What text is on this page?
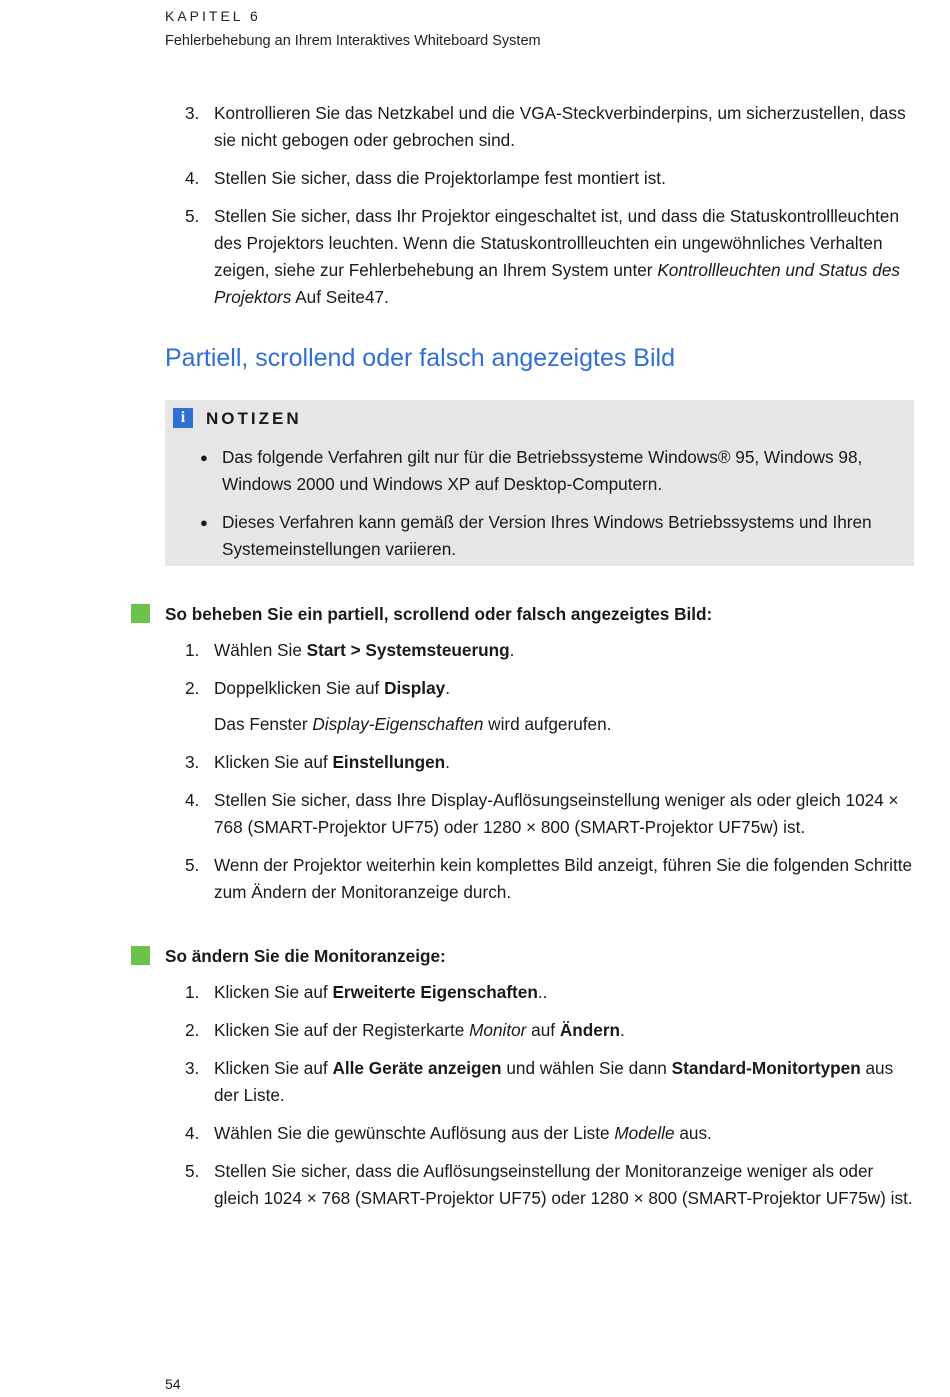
KAPITEL 6
Fehlerbehebung an Ihrem Interaktives Whiteboard System
3. Kontrollieren Sie das Netzkabel und die VGA-Steckverbinderpins, um sicherzustellen, dass sie nicht gebogen oder gebrochen sind.
4. Stellen Sie sicher, dass die Projektorlampe fest montiert ist.
5. Stellen Sie sicher, dass Ihr Projektor eingeschaltet ist, und dass die Statuskontrollleuchten des Projektors leuchten. Wenn die Statuskontrollleuchten ein ungewöhnliches Verhalten zeigen, siehe zur Fehlerbehebung an Ihrem System unter Kontrollleuchten und Status des Projektors Auf Seite47.
Partiell, scrollend oder falsch angezeigtes Bild
i	NOTIZEN
● Das folgende Verfahren gilt nur für die Betriebssysteme Windows® 95, Windows 98, Windows 2000 und Windows XP auf Desktop-Computern.
● Dieses Verfahren kann gemäß der Version Ihres Windows Betriebssystems und Ihren Systemeinstellungen variieren.
So beheben Sie ein partiell, scrollend oder falsch angezeigtes Bild:
1. Wählen Sie Start > Systemsteuerung.
2. Doppelklicken Sie auf Display.
Das Fenster Display-Eigenschaften wird aufgerufen.
3. Klicken Sie auf Einstellungen.
4. Stellen Sie sicher, dass Ihre Display-Auflösungseinstellung weniger als oder gleich 1024 × 768 (SMART-Projektor UF75) oder 1280 × 800 (SMART-Projektor UF75w) ist.
5. Wenn der Projektor weiterhin kein komplettes Bild anzeigt, führen Sie die folgenden Schritte zum Ändern der Monitoranzeige durch.
So ändern Sie die Monitoranzeige:
1. Klicken Sie auf Erweiterte Eigenschaften..
2. Klicken Sie auf der Registerkarte Monitor auf Ändern.
3. Klicken Sie auf Alle Geräte anzeigen und wählen Sie dann Standard-Monitortypen aus der Liste.
4. Wählen Sie die gewünschte Auflösung aus der Liste Modelle aus.
5. Stellen Sie sicher, dass die Auflösungseinstellung der Monitoranzeige weniger als oder gleich 1024 × 768 (SMART-Projektor UF75) oder 1280 × 800 (SMART-Projektor UF75w) ist.
54
